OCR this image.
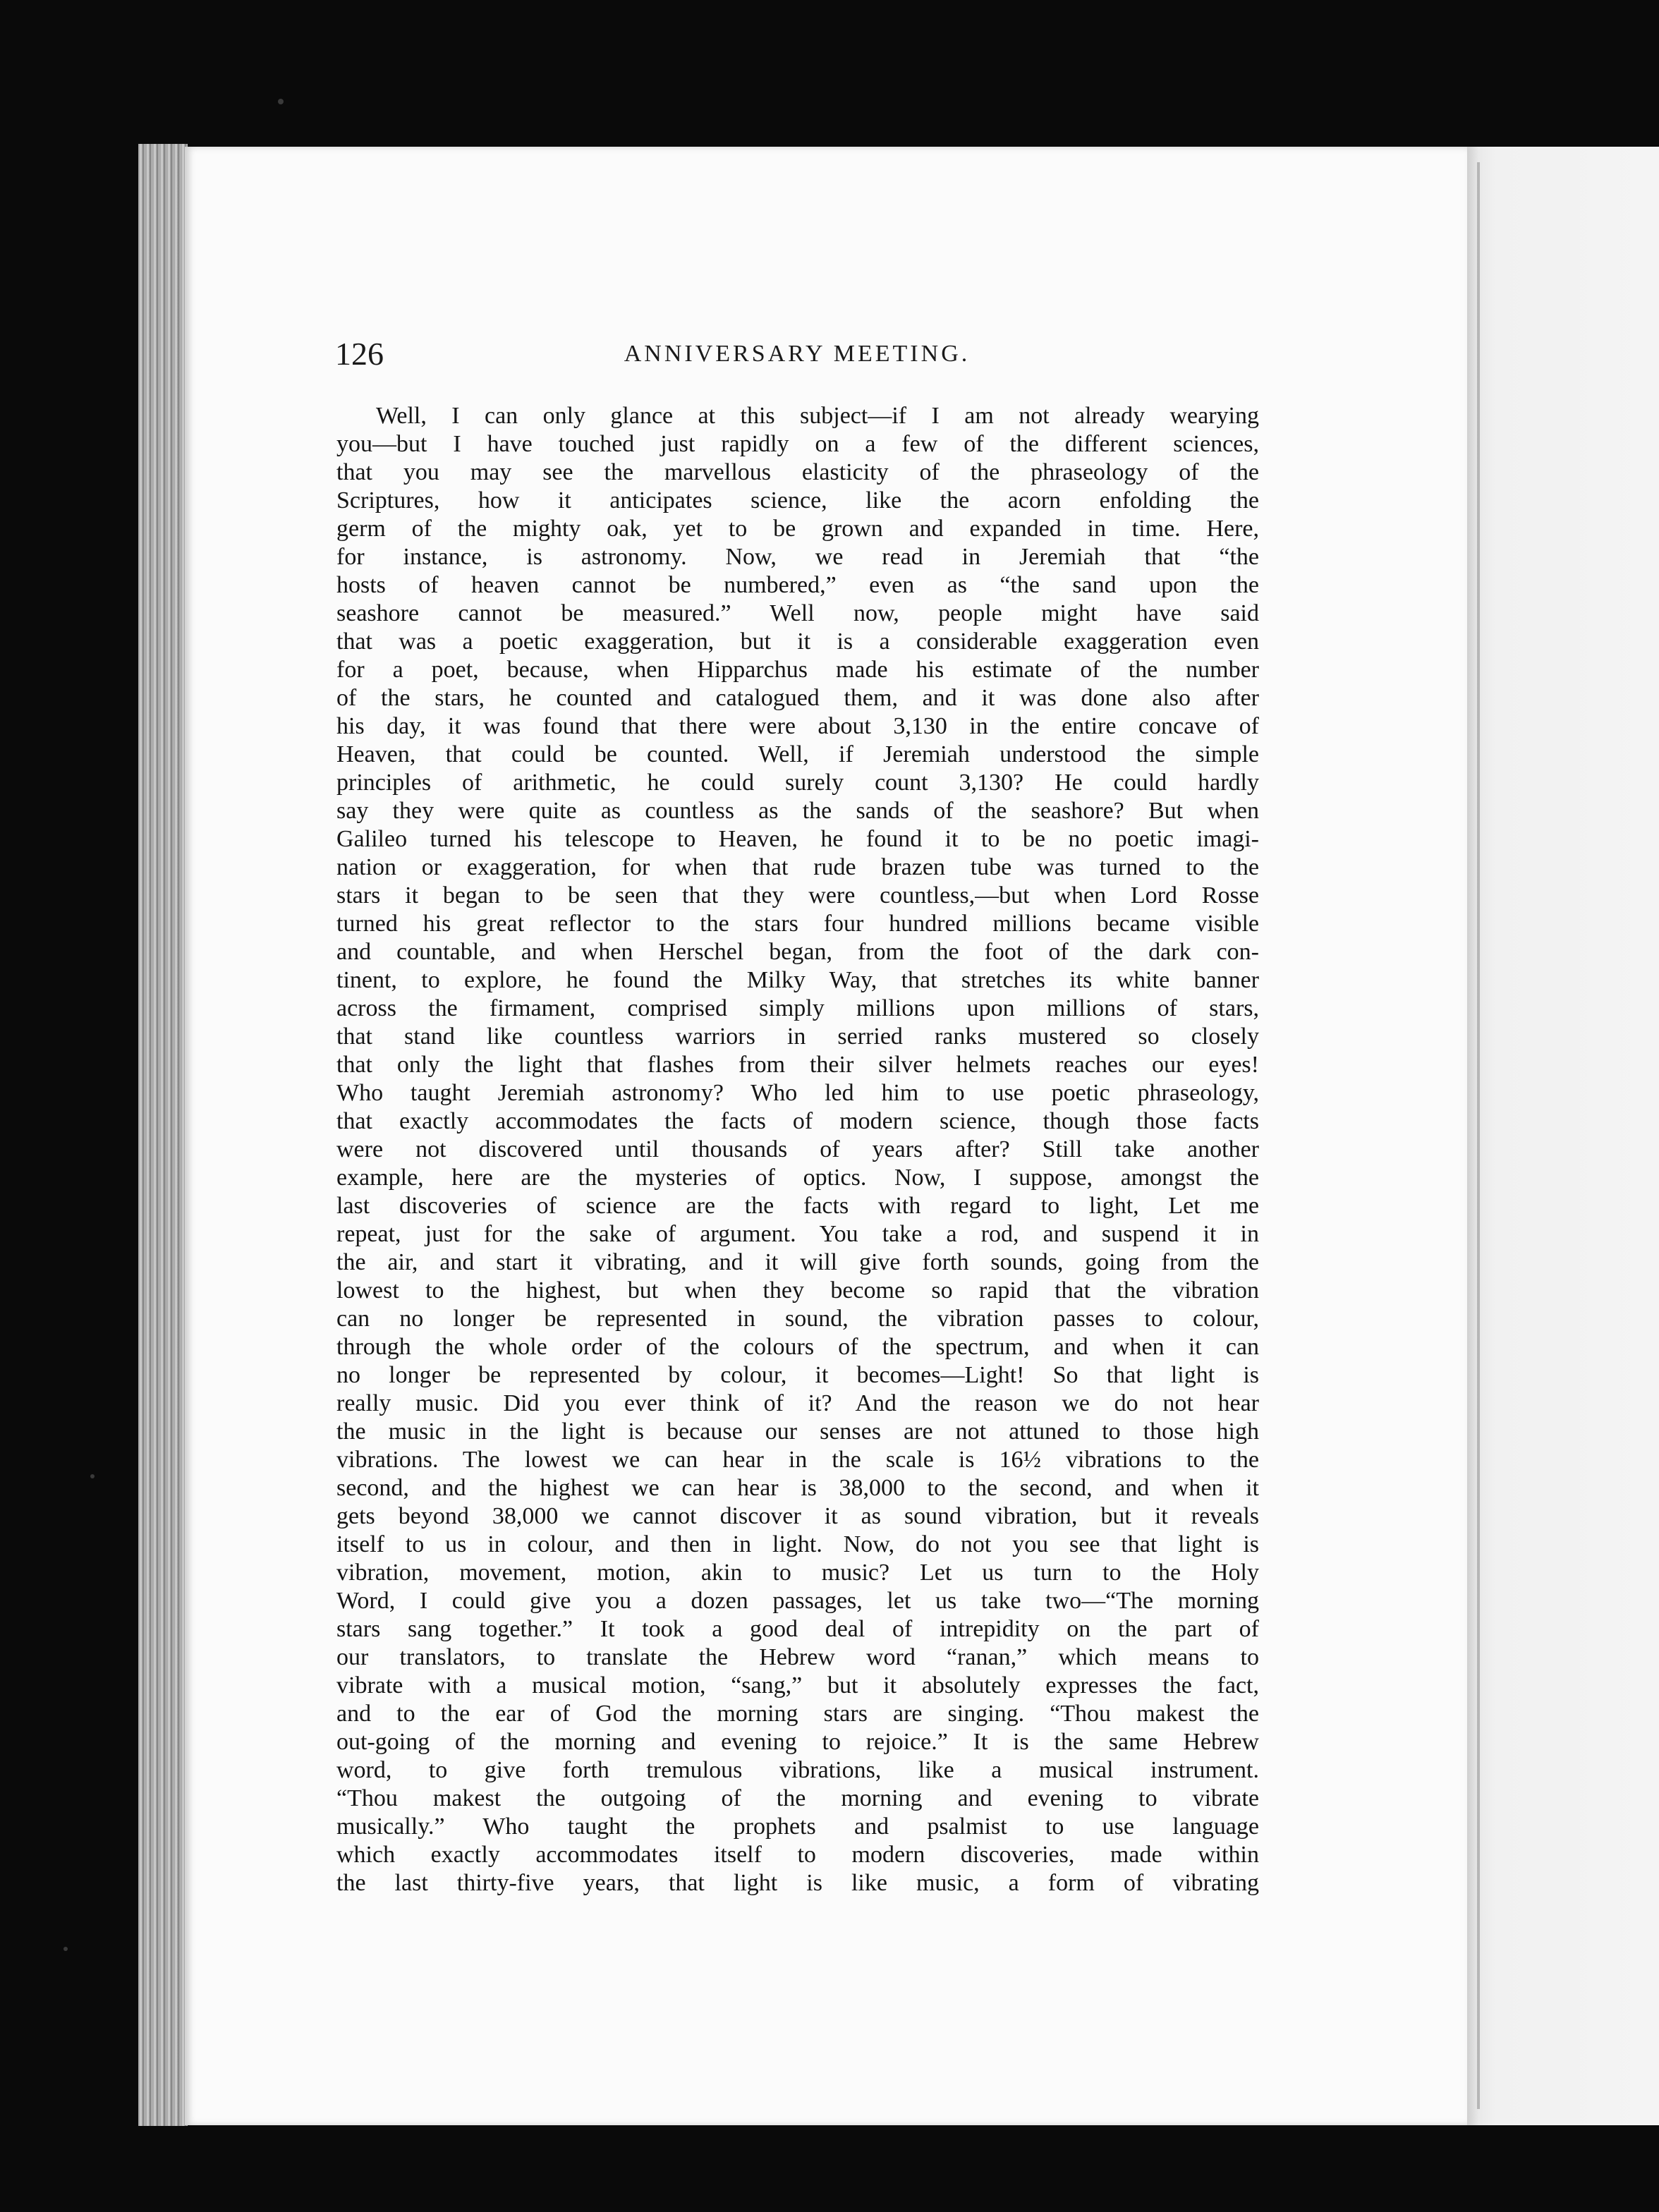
126	ANNIVERSARY MEETING.
Well, I can only glance at this subject—if I am not already wearying
you—but I have touched just rapidly on a few of the different sciences,
that you may see the marvellous elasticity of the phraseology of the
Scriptures, how it anticipates science, like the acorn enfolding the
germ of the mighty oak, yet to be grown and expanded in time. Here,
for instance, is astronomy. Now, we read in Jeremiah that “the
hosts of heaven cannot be numbered,” even as “the sand upon the
seashore cannot be measured.” Well now, people might have said
that was a poetic exaggeration, but it is a considerable exaggeration even
for a poet, because, when Hipparchus made his estimate of the number
of the stars, he counted and catalogued them, and it was done also after
his day, it was found that there were about 3,130 in the entire concave of
Heaven, that could be counted. Well, if Jeremiah understood the simple
principles of arithmetic, he could surely count 3,130? He could hardly
say they were quite as countless as the sands of the seashore? But when
Galileo turned his telescope to Heaven, he found it to be no poetic imagi-
nation or exaggeration, for when that rude brazen tube was turned to the
stars it began to be seen that they were countless,—but when Lord Rosse
turned his great reflector to the stars four hundred millions became visible
and countable, and when Herschel began, from the foot of the dark con-
tinent, to explore, he found the Milky Way, that stretches its white banner
across the firmament, comprised simply millions upon millions of stars,
that stand like countless warriors in serried ranks mustered so closely
that only the light that flashes from their silver helmets reaches our eyes!
Who taught Jeremiah astronomy? Who led him to use poetic phraseology,
that exactly accommodates the facts of modern science, though those facts
were not discovered until thousands of years after? Still take another
example, here are the mysteries of optics. Now, I suppose, amongst the
last discoveries of science are the facts with regard to light, Let me
repeat, just for the sake of argument. You take a rod, and suspend it in
the air, and start it vibrating, and it will give forth sounds, going from the
lowest to the highest, but when they become so rapid that the vibration
can no longer be represented in sound, the vibration passes to colour,
through the whole order of the colours of the spectrum, and when it can
no longer be represented by colour, it becomes—Light! So that light is
really music. Did you ever think of it? And the reason we do not hear
the music in the light is because our senses are not attuned to those high
vibrations. The lowest we can hear in the scale is 16½ vibrations to the
second, and the highest we can hear is 38,000 to the second, and when it
gets beyond 38,000 we cannot discover it as sound vibration, but it reveals
itself to us in colour, and then in light. Now, do not you see that light is
vibration, movement, motion, akin to music? Let us turn to the Holy
Word, I could give you a dozen passages, let us take two—“The morning
stars sang together.” It took a good deal of intrepidity on the part of
our translators, to translate the Hebrew word “ranan,” which means to
vibrate with a musical motion, “sang,” but it absolutely expresses the fact,
and to the ear of God the morning stars are singing. “Thou makest the
out-going of the morning and evening to rejoice.” It is the same Hebrew
word, to give forth tremulous vibrations, like a musical instrument.
“Thou makest the outgoing of the morning and evening to vibrate
musically.” Who taught the prophets and psalmist to use language
which exactly accommodates itself to modern discoveries, made within
the last thirty-five years, that light is like music, a form of vibrating
